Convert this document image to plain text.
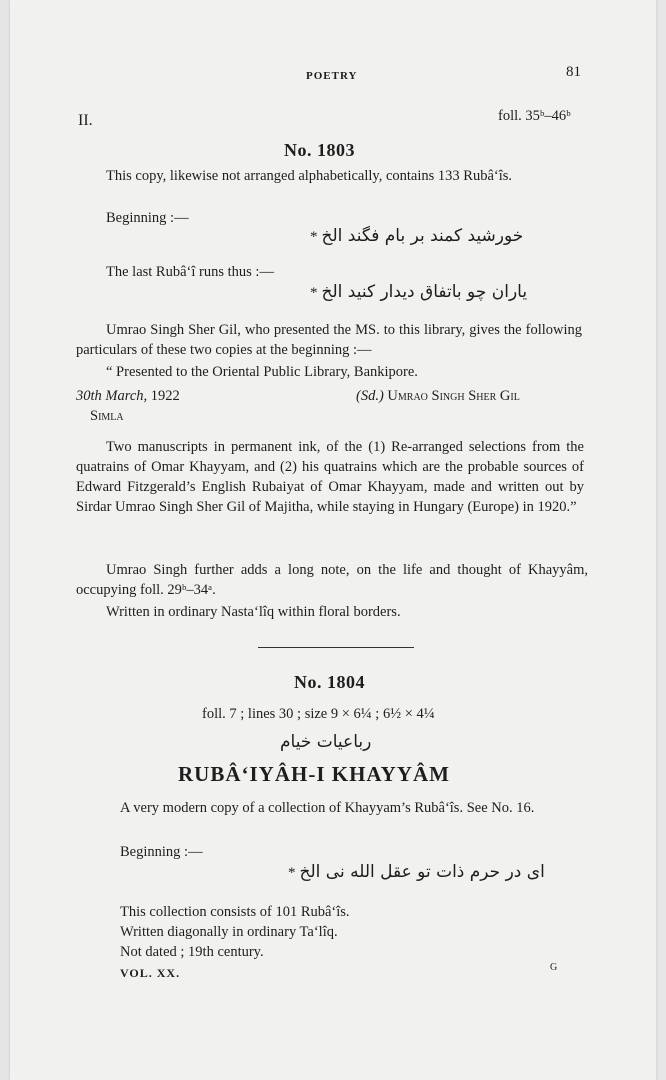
POETRY	81
II.	foll. 35ᵇ–46ᵇ
No. 1803
This copy, likewise not arranged alphabetically, contains 133 Rubâ‘îs.
Beginning :—
* خورشید کمند بر بام فگند الخ
The last Rubâ‘î runs thus :—
* یاران چو باتفاق دیدار کنید الخ
Umrao Singh Sher Gil, who presented the MS. to this library, gives the following particulars of these two copies at the beginning :—
“ Presented to the Oriental Public Library, Bankipore.
30th March, 1922	(Sd.) Umrao Singh Sher Gil
Simla
Two manuscripts in permanent ink, of the (1) Re-arranged selections from the quatrains of Omar Khayyam, and (2) his quatrains which are the probable sources of Edward Fitzgerald’s English Rubaiyat of Omar Khayyam, made and written out by Sirdar Umrao Singh Sher Gil of Majitha, while staying in Hungary (Europe) in 1920.”
Umrao Singh further adds a long note, on the life and thought of Khayyâm, occupying foll. 29ᵇ–34ᵃ.
Written in ordinary Nasta‘lîq within floral borders.
No. 1804
foll. 7 ; lines 30 ; size 9 × 6¼ ; 6½ × 4¼
رباعیات خیام
RUBÂ‘IYÂH-I KHAYYÂM
A very modern copy of a collection of Khayyam’s Rubâ‘îs. See No. 16.
Beginning :—
* ای در حرم ذات تو عقل الله نی الخ
This collection consists of 101 Rubâ‘îs.
Written diagonally in ordinary Ta‘lîq.
Not dated ; 19th century.
VOL. XX.	G
